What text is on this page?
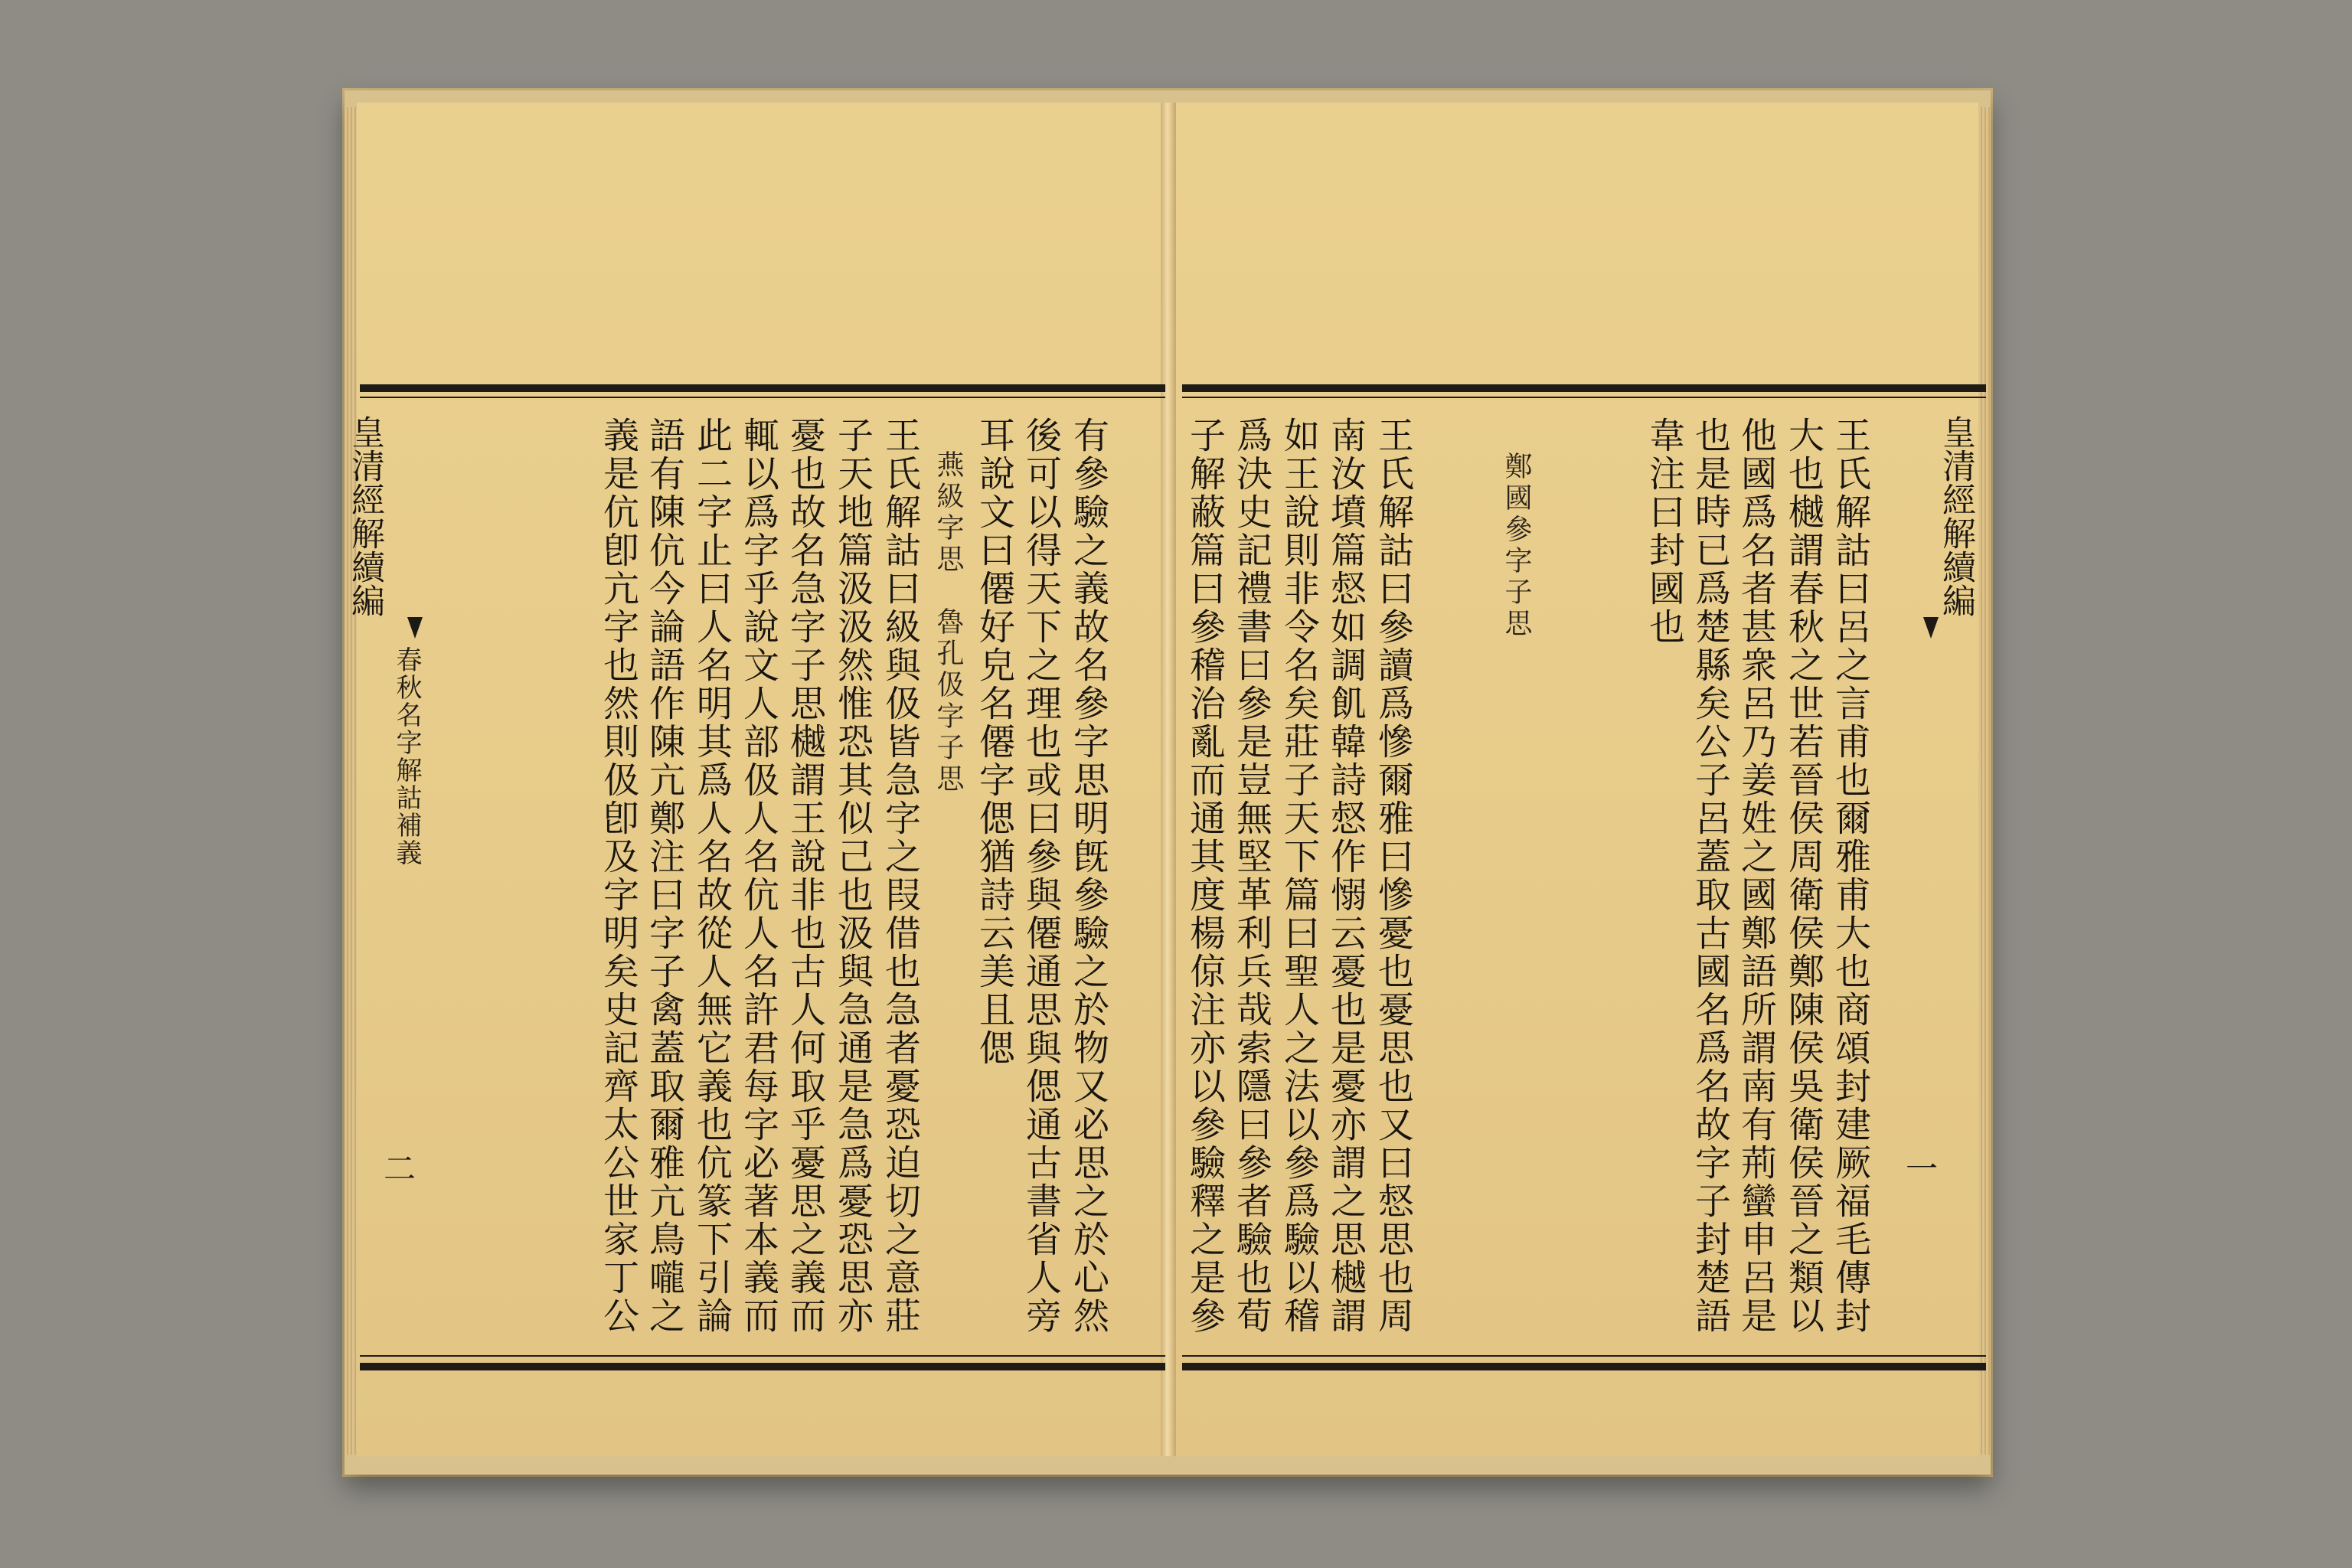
皇清經解續編
春秋名字解詁補義
二	義是伉卽亢字也然則伋卽及字明矣史記齊太公世家丁公 語有陳伉今論語作陳亢鄭注曰字子禽蓋取爾雅亢鳥嚨之 此二字止曰人名明其爲人名故從人無它義也伉篆下引論 輒以爲字乎說文人部伋人名伉人名許君每字必著本義而 憂也故名急字子思樾謂王說非也古人何取乎憂思之義而 子天地篇汲汲然惟恐其似己也汲與急通是急爲憂恐思亦 王氏解詁曰級與伋皆急字之叚借也急者憂恐迫切之意莊 燕級字思　魯孔伋字子思 耳說文曰僊好皃名僊字偲猶詩云美且偲 後可以得天下之理也或曰參與僊通思與偲通古書省人旁 有參驗之義故名參字思明旣參驗之於物又必思之於心然 子解蔽篇曰參稽治亂而通其度楊倞注亦以參驗釋之是參 爲決史記禮書曰參是豈無堅革利兵哉索隱曰參者驗也荀 如王說則非令名矣莊子天下篇曰聖人之法以參爲驗以稽 南汝墳篇惄如調飢韓詩惄作愵云憂也是憂亦謂之思樾謂 王氏解詁曰參讀爲慘爾雅曰慘憂也憂思也又曰惄思也周	鄭國參字子思	韋注曰封國也 也是時已爲楚縣矣公子呂蓋取古國名爲名故字子封楚語 他國爲名者甚衆呂乃姜姓之國鄭語所謂南有荊蠻申呂是 大也樾謂春秋之世若晉侯周衛侯鄭陳侯吳衛侯晉之類以 王氏解詁曰呂之言甫也爾雅甫大也商頌封建厥福毛傳封 皇清經解續編
一
